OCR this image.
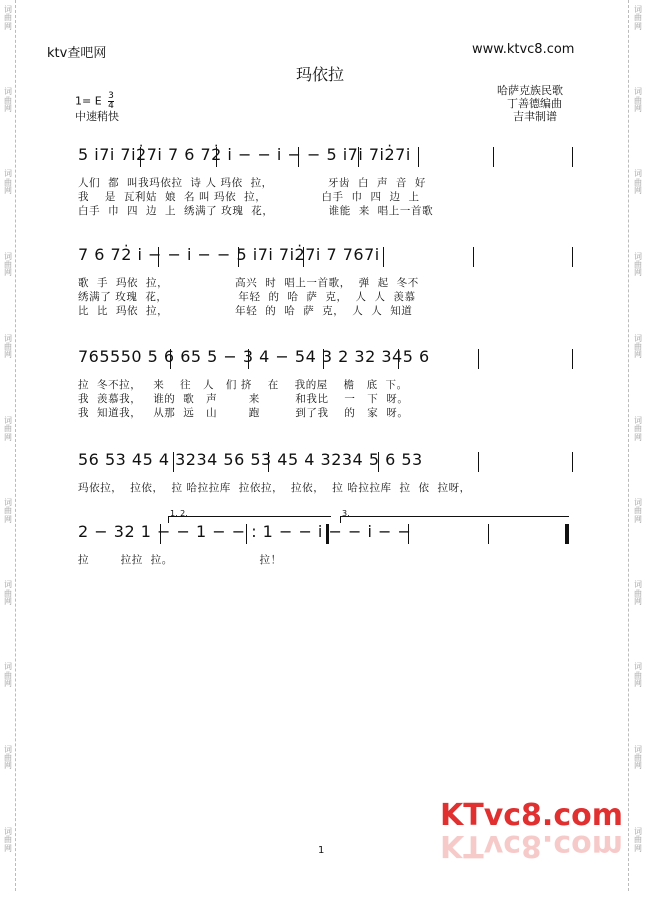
词曲网
词曲网
词曲网
词曲网
词曲网
词曲网
词曲网
词曲网
词曲网
词曲网
词曲网
词曲网
词曲网
词曲网
词曲网
词曲网
词曲网
词曲网
词曲网
词曲网
词曲网
词曲网
ktv查吧网	www.ktvc8.com
玛依拉
1= E $\frac{3}{4}$
中速稍快
哈萨克族民歌
丁善德编曲
吉聿制谱
5 i7i 7i2̇7i 7 6 72̇ i − − i − − 5 i7i 7i2̇7i
人们  都  叫我玛依拉  诗 人 玛依  拉，              牙齿  白  声  音  好
我    是  瓦利姑  娘  名 叫 玛依  拉，              白手  巾  四  边  上
白手  巾  四  边  上  绣满了 玫瑰  花，              谁能  来  唱上一首歌
7 6 72̇ i − − i − − 5 i7i 7i2̇7i 7 767i
歌  手  玛依  拉，                 高兴  时  唱上一首歌，  弹  起  冬不
绣满了 玫瑰  花，                  年轻  的  哈  萨  克，  人  人  羡慕
比  比  玛依  拉，                 年轻  的  哈  萨  克，  人  人  知道
765550 5 6 65 5 − 3 4 − 54 3 2 32 345 6
拉  冬不拉，   来    往   人   们 挤    在    我的屋    檐   底  下。
我  羡慕我，   谁的  歌   声        来         和我比    一   下  呀。
我  知道我，   从那  远   山        跑         到了我    的   家  呀。
56 53 45 4 3234 56 53 45 4 3234 5 6 53
玛依拉，  拉依，  拉 哈拉拉库  拉依拉，  拉依，  拉 哈拉拉库  拉  依  拉呀，
1. 2.	3.
2 − 32 1 − − 1 − − : 1 − − i − − i − −
拉        拉拉  拉。                      拉！
KTvc8.com
KTvc8.com
1
